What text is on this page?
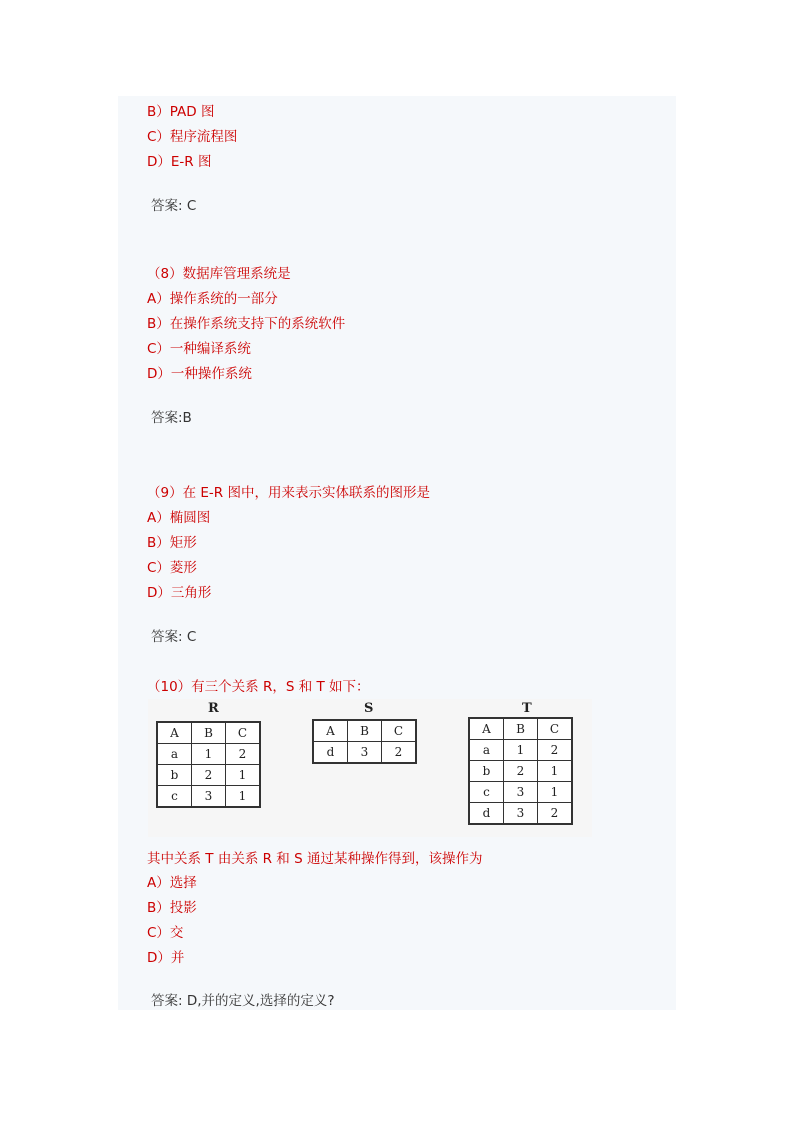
B）PAD 图
C）程序流程图
D）E-R 图
答案: C
（8）数据库管理系统是
A）操作系统的一部分
B）在操作系统支持下的系统软件
C）一种编译系统
D）一种操作系统
答案:B
（9）在 E-R 图中，用来表示实体联系的图形是
A）椭圆图
B）矩形
C）菱形
D）三角形
答案: C
（10）有三个关系 R，S 和 T 如下：
R
A	B	C
a	1	2
b	2	1
c	3	1
S
A	B	C
d	3	2
T
A	B	C
a	1	2
b	2	1
c	3	1
d	3	2
其中关系 T 由关系 R 和 S 通过某种操作得到，该操作为
A）选择
B）投影
C）交
D）并
答案: D,并的定义,选择的定义?
